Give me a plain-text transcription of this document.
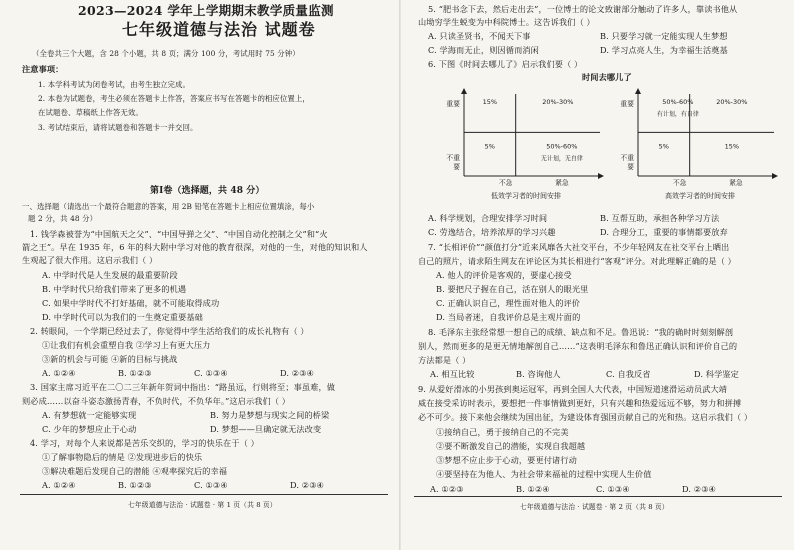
2023—2024 学年上学期期末教学质量监测
七年级道德与法治 试题卷
（全卷共三个大题，含 28 个小题，共 8 页；满分 100 分，考试用时 75 分钟）
注意事项：
1. 本学科考试为闭卷考试，由考生独立完成。
2. 本卷为试题卷，考生必须在答题卡上作答，答案应书写在答题卡的相应位置上，
在试题卷、草稿纸上作答无效。
3. 考试结束后，请将试题卷和答题卡一并交回。
第Ⅰ卷（选择题，共 48 分）
一、选择题（请选出一个最符合题意的答案，用 2B 铅笔在答题卡上相应位置填涂，每小
题 2 分，共 48 分）
1. 钱学森被誉为“中国航天之父”、“中国导弹之父”、“中国自动化控制之父”和“火
箭之王”。早在 1935 年，6 年的科大附中学习对他的教育很深，对他的一生，对他的知识和人
生观起了很大作用。这启示我们（ ）
A. 中学时代是人生发展的最重要阶段
B. 中学时代只给我们带来了更多的机遇
C. 如果中学时代不打好基础，就不可能取得成功
D. 中学时代可以为我们的一生奠定重要基础
2. 转眼间，一个学期已经过去了，你觉得中学生活给我们的成长礼物有（ ）
①让我们有机会重塑自我 ②学习上有更大压力
③新的机会与可能 ④新的目标与挑战
A. ①②④	B. ①②③	C. ①③④	D. ②③④
3. 国家主席习近平在二〇二三年新年贺词中指出：“路虽远，行则将至；事虽难，做
则必成……以奋斗姿态激扬青春，不负时代，不负华年。”这启示我们（ ）
A. 有梦想就一定能够实现	B. 努力是梦想与现实之间的桥梁
C. 少年的梦想应止于心动	D. 梦想——旦确定就无法改变
4. 学习，对每个人来说都是苦乐交织的，学习的快乐在于（ ）
①了解事物隐后的情是 ②发现进步后的快乐
③解决难题后发现自己的潜能 ④观率探究后的幸福
A. ①②④	B. ①②③	C. ①③④	D. ②③④
七年级道德与法治 · 试题卷 · 第 1 页（共 8 页）
5. “肥书念下去，然后走出去”，一位博士的论文致谢部分触动了许多人，靠读书他从
山坳穷学生蜕变为中科院博士。这告诉我们（ ）
A. 只读圣贤书，不闻天下事	B. 只要学习就一定能实现人生梦想
C. 学海而无止，则因循而消闲	D. 学习点亮人生，为幸福生活奠基
6. 下图《时间去哪儿了》启示我们要（ ）
时间去哪儿了
重要
不重
要
不急	紧急
15%	20%-30%
5%	50%-60%
无计划，无自律
低效学习者的时间安排
重要
不重
要
不急	紧急
50%-60%
有计划，有自律
20%-30%
5%	15%
高效学习者的时间安排
A. 科学规划，合理安排学习时间	B. 互帮互助，承担各种学习方法
C. 劳逸结合，培养浓厚的学习兴趣	D. 合理分工，重要的事情都要放弃
7. “长相评价”“颜值打分”近来风靡各大社交平台，不少年轻网友在社交平台上晒出
自己的照片，请求陌生网友在评论区为其长相进行“客观”评分。对此理解正确的是（ ）
A. 他人的评价是客观的，要虚心接受
B. 要把尺子握在自己，活在别人的眼光里
C. 正确认识自己，理性面对他人的评价
D. 当局者迷，自我评价总是主观片面的
8. 毛泽东主张经常想一想自己的成绩、缺点和不足。鲁迅说：“我的确时时刻刻解剖
别人，然而更多的是更无情地解剖自己……”这表明毛泽东和鲁迅正确认识和评价自己的
方法都是（ ）
A. 相互比较	B. 咨询他人	C. 自我反省	D. 科学鉴定
9. 从爱好滑冰的小男孩到奥运冠军，再到全国人大代表，中国短道速滑运动员武大靖
威在接受采访时表示，要想把一件事情做到更好，只有兴趣和热爱远远不够，努力和拼搏
必不可少。接下来他会继续为国出征，为建设体育强国贡献自己的光和热。这启示我们（ ）
①接纳自己，勇于接纳自己的不完美
②要不断激发自己的潜能，实现自我超越
③梦想不应止步于心动，要更付诸行动
④要坚持在为他人、为社会带来福祉的过程中实现人生价值
A. ①②③	B. ①②④	C. ①③④	D. ②③④
七年级道德与法治 · 试题卷 · 第 2 页（共 8 页）
